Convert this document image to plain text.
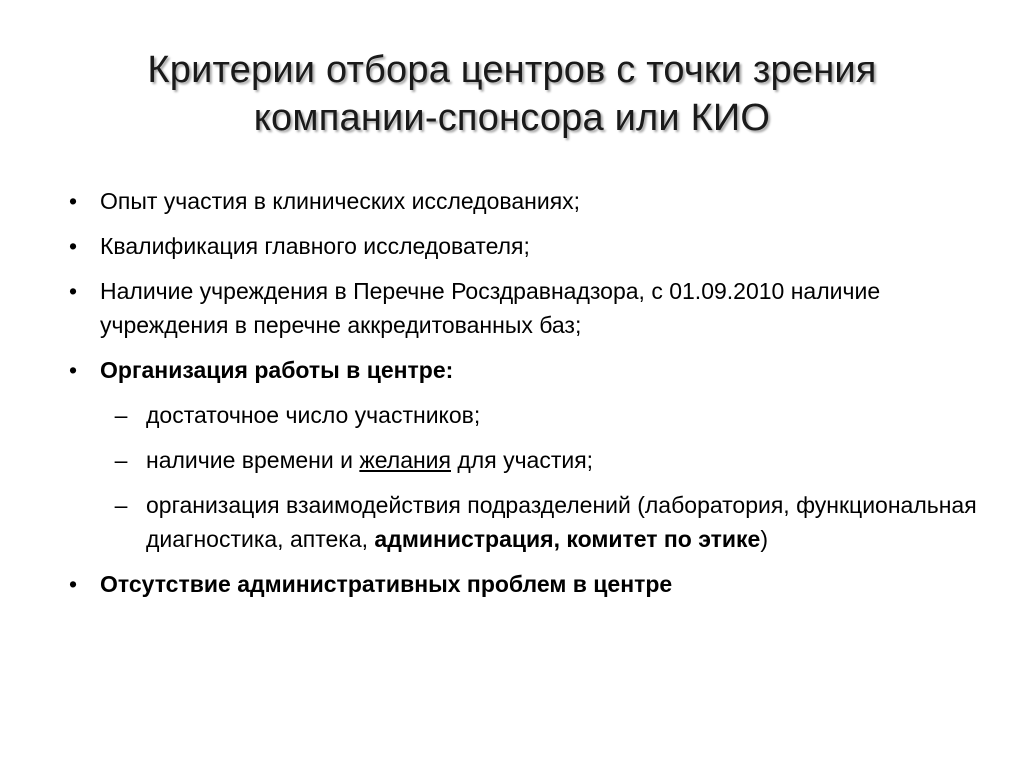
Критерии отбора центров с точки зрения
компании-спонсора или КИО
• Опыт участия в клинических исследованиях;
• Квалификация главного исследователя;
• Наличие учреждения в Перечне Росздравнадзора, с 01.09.2010 наличие учреждения в перечне аккредитованных баз;
• Организация работы в центре:
– достаточное число участников;
– наличие времени и желания для участия;
– организация взаимодействия подразделений (лаборатория, функциональная диагностика, аптека, администрация, комитет по этике)
• Отсутствие административных проблем в центре
